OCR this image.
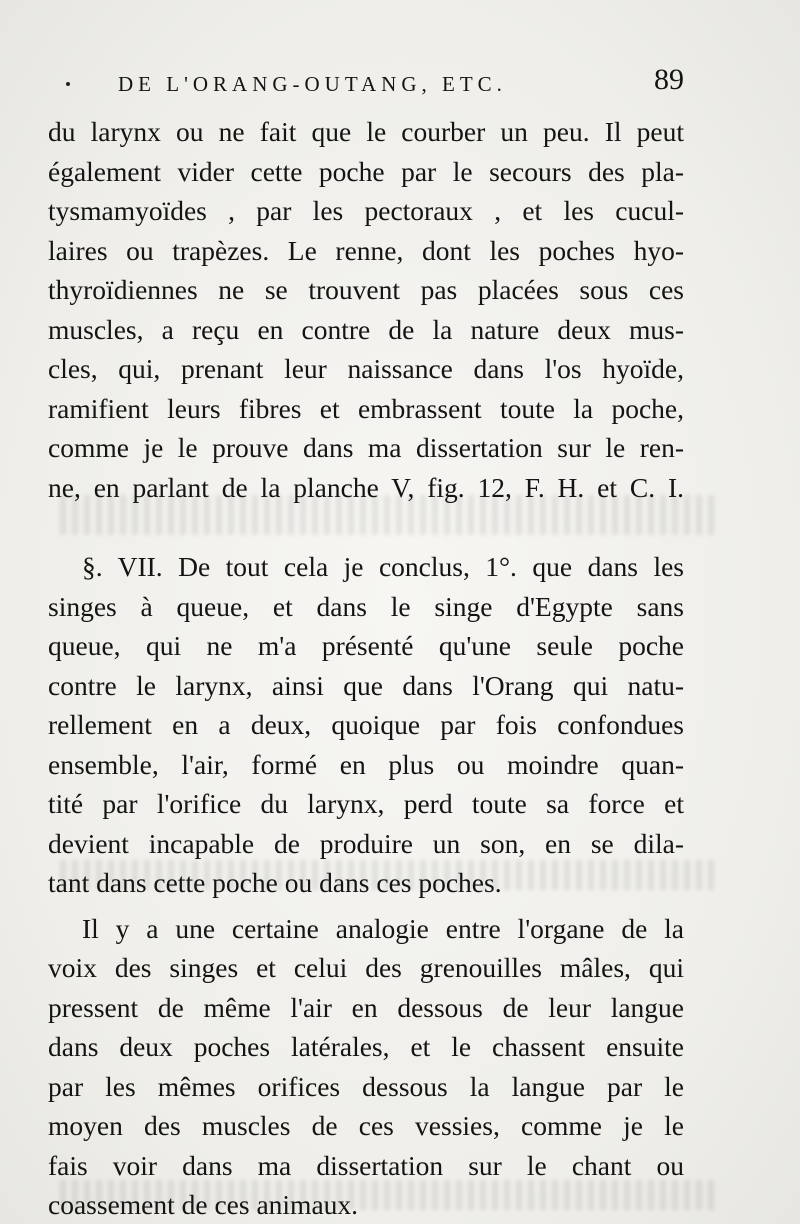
DE L'ORANG-OUTANG, ETC.	89
du larynx ou ne fait que le courber un peu. Il peut
également vider cette poche par le secours des pla-
tysmamyoïdes , par les pectoraux , et les cucul-
laires ou trapèzes. Le renne, dont les poches hyo-
thyroïdiennes ne se trouvent pas placées sous ces
muscles, a reçu en contre de la nature deux mus-
cles, qui, prenant leur naissance dans l'os hyoïde,
ramifient leurs fibres et embrassent toute la poche,
comme je le prouve dans ma dissertation sur le ren-
ne, en parlant de la planche V, fig. 12, F. H. et C. I.
§. VII. De tout cela je conclus, 1°. que dans les
singes à queue, et dans le singe d'Egypte sans
queue, qui ne m'a présenté qu'une seule poche
contre le larynx, ainsi que dans l'Orang qui natu-
rellement en a deux, quoique par fois confondues
ensemble, l'air, formé en plus ou moindre quan-
tité par l'orifice du larynx, perd toute sa force et
devient incapable de produire un son, en se dila-
tant dans cette poche ou dans ces poches.
Il y a une certaine analogie entre l'organe de la
voix des singes et celui des grenouilles mâles, qui
pressent de même l'air en dessous de leur langue
dans deux poches latérales, et le chassent ensuite
par les mêmes orifices dessous la langue par le
moyen des muscles de ces vessies, comme je le
fais voir dans ma dissertation sur le chant ou
coassement de ces animaux.
